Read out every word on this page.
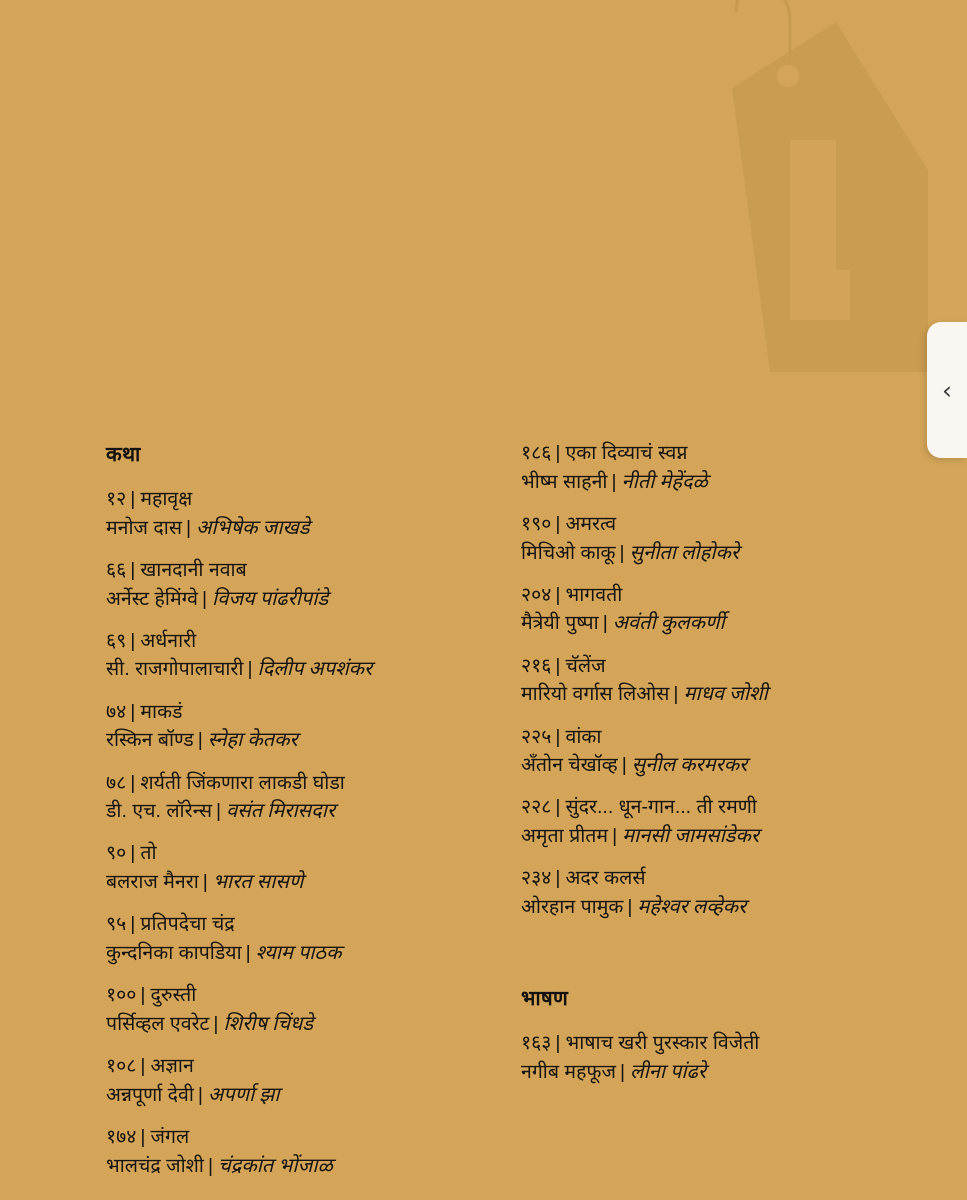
‹
कथा
१२ | महावृक्ष
मनोज दास | अभिषेक जाखडे
६६ | खानदानी नवाब
अर्नेस्ट हेमिंग्वे | विजय पांढरीपांडे
६९ | अर्धनारी
सी. राजगोपालाचारी | दिलीप अपशंकर
७४ | माकडं
रस्किन बॉण्ड | स्नेहा केतकर
७८ | शर्यती जिंकणारा लाकडी घोडा
डी. एच. लॉरेन्स | वसंत मिरासदार
९० | तो
बलराज मैनरा | भारत सासणे
९५ | प्रतिपदेचा चंद्र
कुन्दनिका कापडिया | श्याम पाठक
१०० | दुरुस्ती
पर्सिव्हल एवरेट | शिरीष चिंधडे
१०८ | अज्ञान
अन्नपूर्णा देवी | अपर्णा झा
१७४ | जंगल
भालचंद्र जोशी | चंद्रकांत भोंजाळ
१८६ | एका दिव्याचं स्वप्न
भीष्म साहनी | नीती मेहेंदळे
१९० | अमरत्व
मिचिओ काकू | सुनीता लोहोकरे
२०४ | भागवती
मैत्रेयी पुष्पा | अवंती कुलकर्णी
२१६ | चॅलेंज
मारियो वर्गास लिओस | माधव जोशी
२२५ | वांका
अँतोन चेखॉव्ह | सुनील करमरकर
२२८ | सुंदर... धून-गान... ती रमणी
अमृता प्रीतम | मानसी जामसांडेकर
२३४ | अदर कलर्स
ओरहान पामुक | महेश्वर लव्हेकर
भाषण
१६३ | भाषाच खरी पुरस्कार विजेती
नगीब महफूज | लीना पांढरे
